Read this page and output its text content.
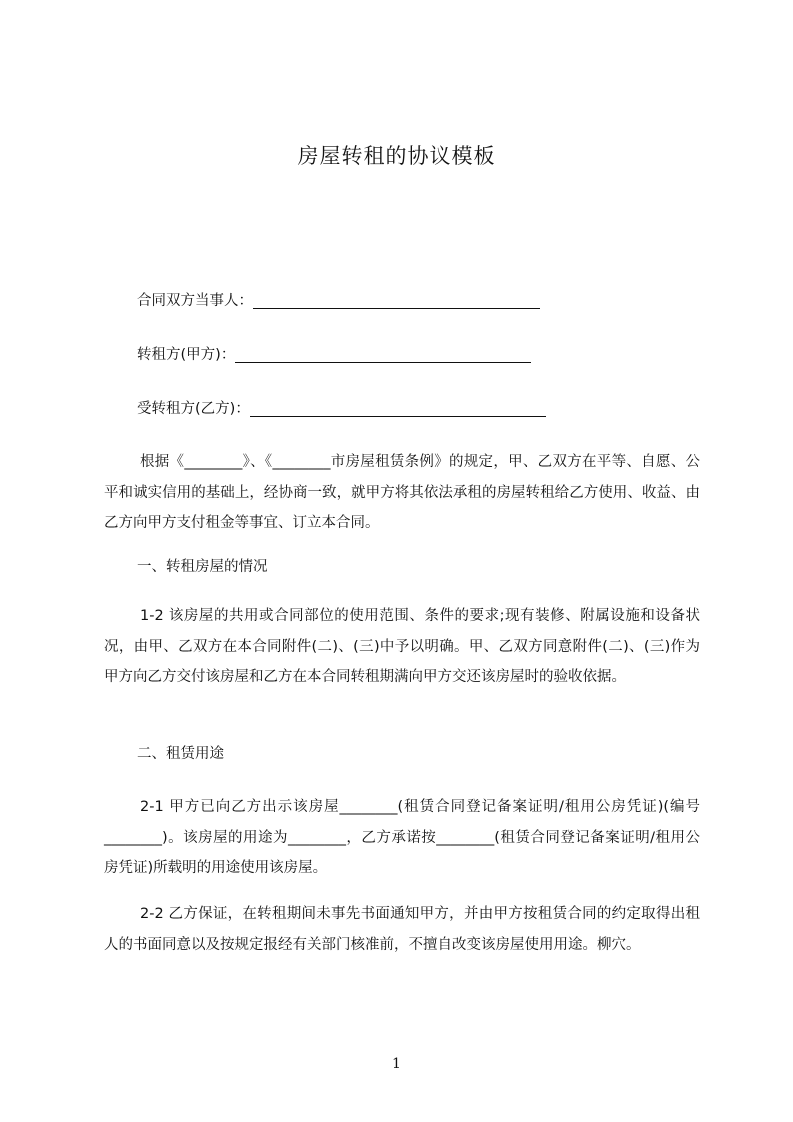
房屋转租的协议模板
合同双方当事人：
转租方(甲方)：
受转租方(乙方)：
根据《________》、《________市房屋租赁条例》的规定，甲、乙双方在平等、自愿、公平和诚实信用的基础上，经协商一致，就甲方将其依法承租的房屋转租给乙方使用、收益、由乙方向甲方支付租金等事宜、订立本合同。
一、转租房屋的情况
1-2 该房屋的共用或合同部位的使用范围、条件的要求;现有装修、附属设施和设备状况，由甲、乙双方在本合同附件(二)、(三)中予以明确。甲、乙双方同意附件(二)、(三)作为甲方向乙方交付该房屋和乙方在本合同转租期满向甲方交还该房屋时的验收依据。
二、租赁用途
2-1 甲方已向乙方出示该房屋________(租赁合同登记备案证明/租用公房凭证)(编号________)。该房屋的用途为________，乙方承诺按________(租赁合同登记备案证明/租用公房凭证)所载明的用途使用该房屋。
2-2 乙方保证，在转租期间未事先书面通知甲方，并由甲方按租赁合同的约定取得出租人的书面同意以及按规定报经有关部门核准前，不擅自改变该房屋使用用途。柳穴。
1
